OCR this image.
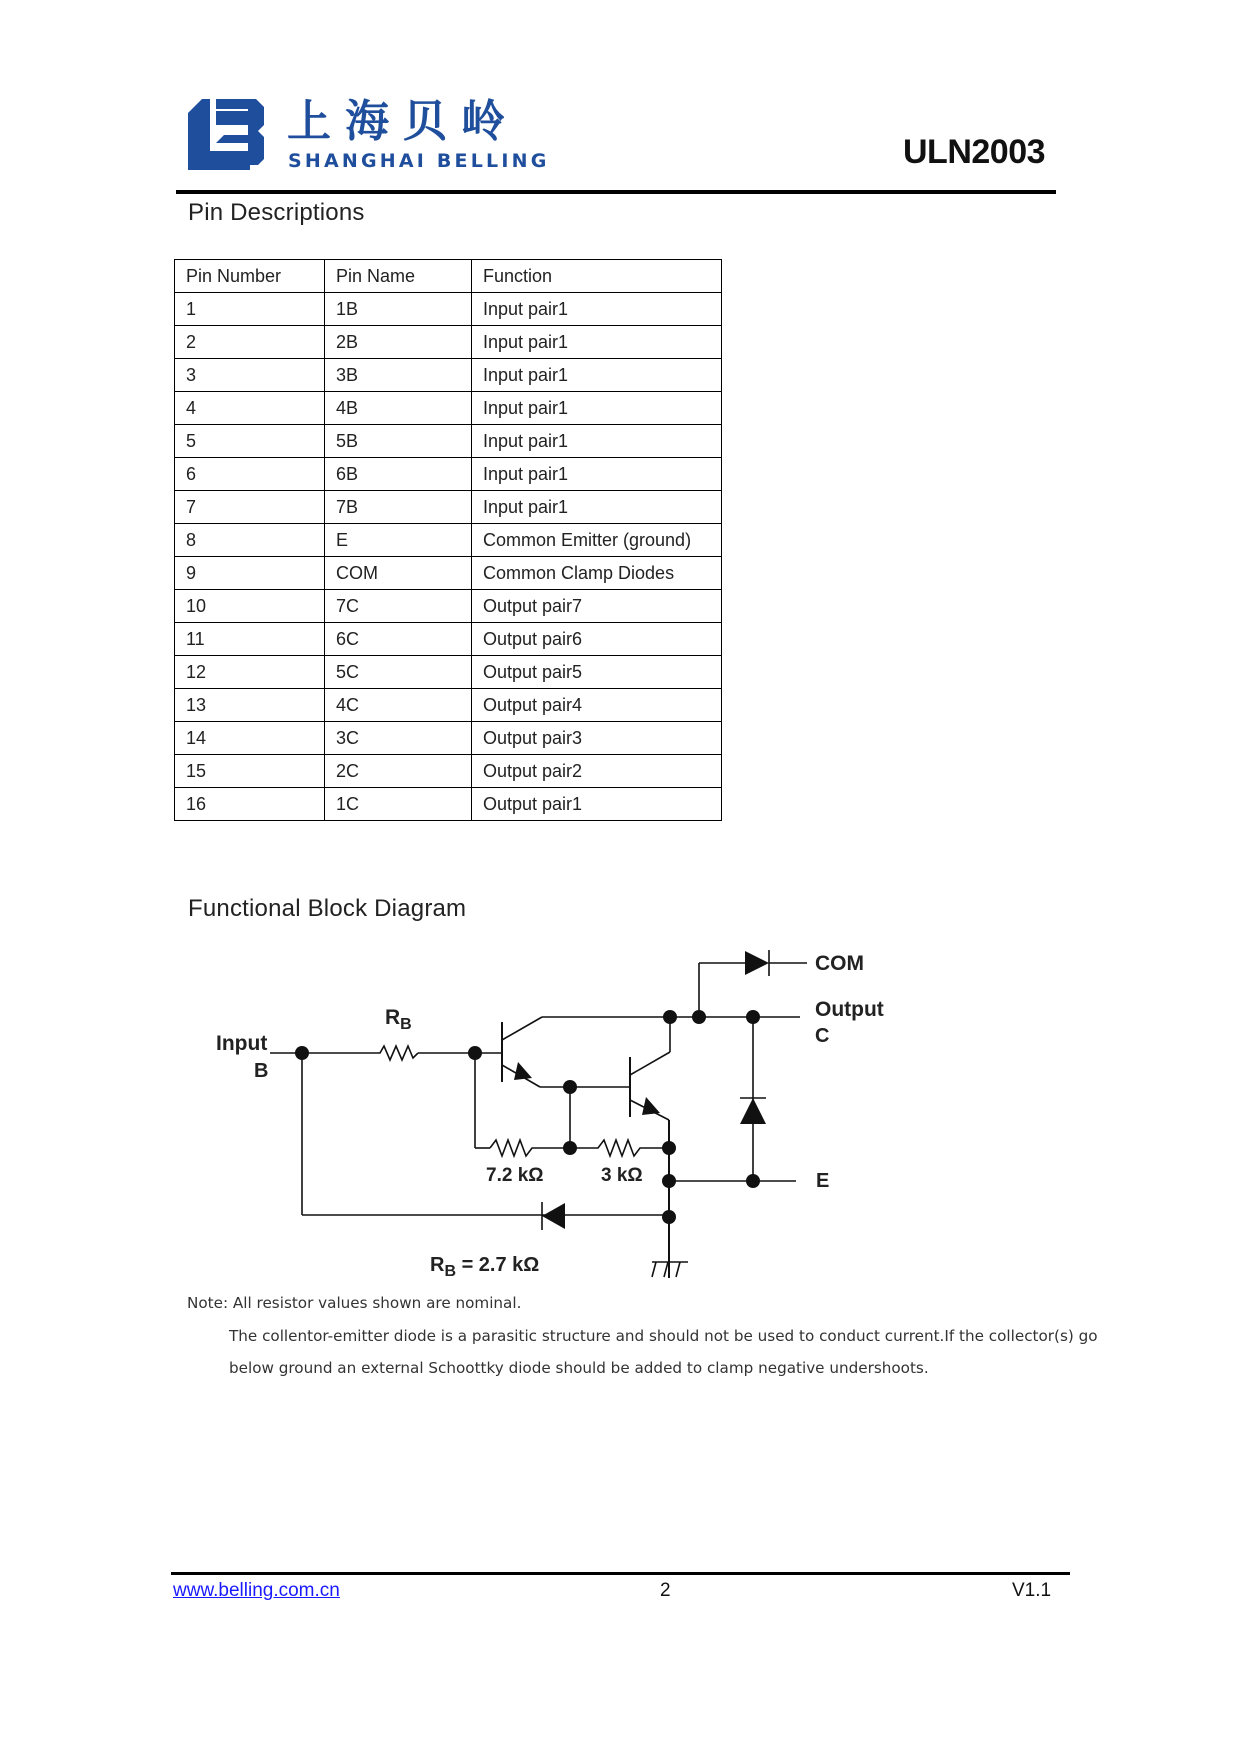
上海贝岭
SHANGHAI BELLING	ULN2003
Pin Descriptions
Pin Number	Pin Name	Function
1	1B	Input pair1
2	2B	Input pair1
3	3B	Input pair1
4	4B	Input pair1
5	5B	Input pair1
6	6B	Input pair1
7	7B	Input pair1
8	E	Common Emitter (ground)
9	COM	Common Clamp Diodes
10	7C	Output pair7
11	6C	Output pair6
12	5C	Output pair5
13	4C	Output pair4
14	3C	Output pair3
15	2C	Output pair2
16	1C	Output pair1
Functional Block Diagram
Input
B
$R_B$
COM
Output
C
E
7.2 kΩ	3 kΩ
$R_B = 2.7$ kΩ
Note: All resistor values shown are nominal.
The collentor-emitter diode is a parasitic structure and should not be used to conduct current.If the collector(s) go
below ground an external Schoottky diode should be added to clamp negative undershoots.
www.belling.com.cn	2	V1.1
